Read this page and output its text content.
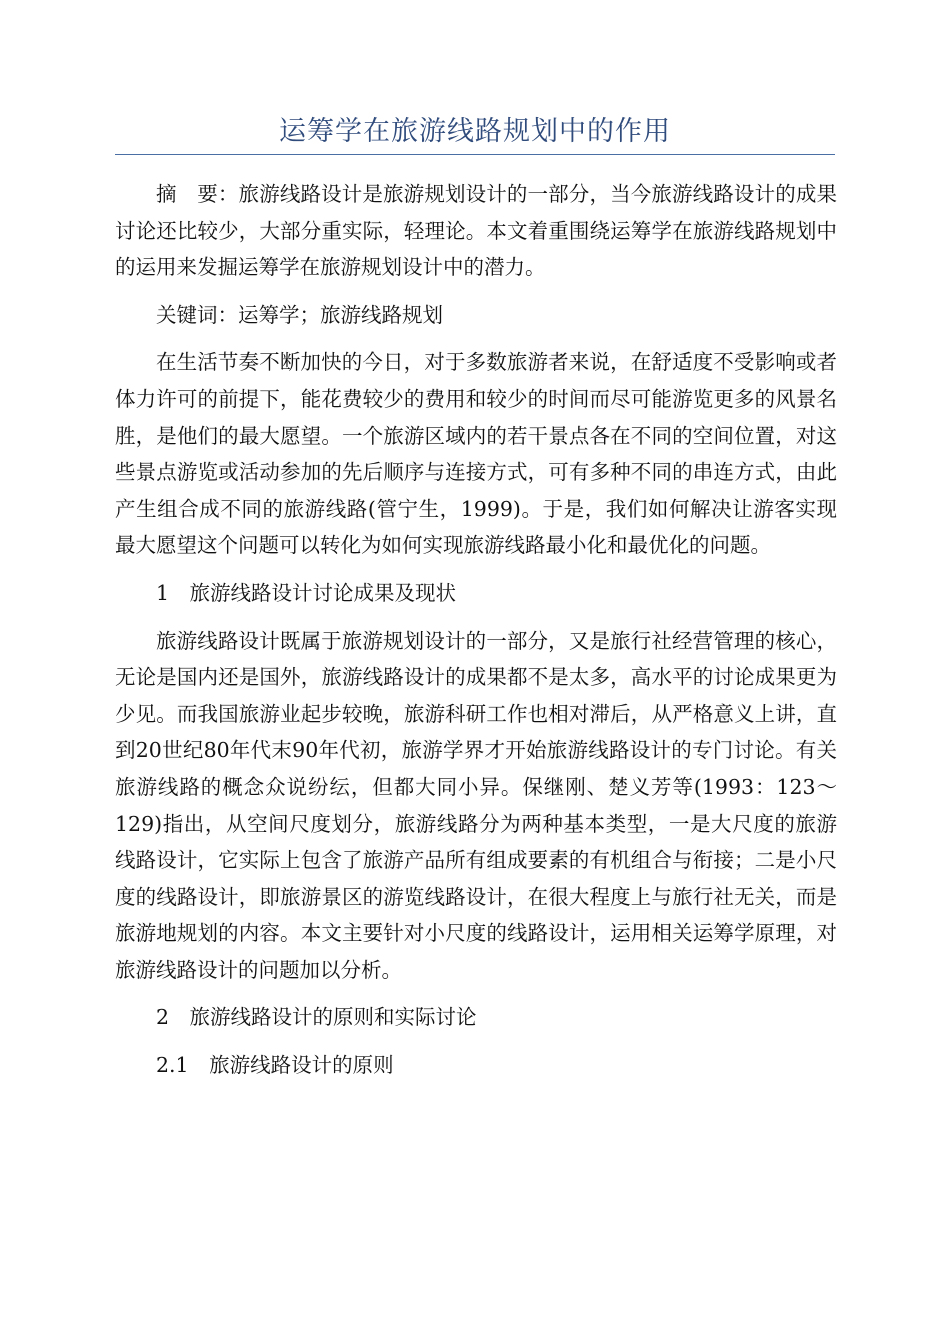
运筹学在旅游线路规划中的作用

摘　要：旅游线路设计是旅游规划设计的一部分，当今旅游线路设计的成果讨论还比较少，大部分重实际，轻理论。本文着重围绕运筹学在旅游线路规划中的运用来发掘运筹学在旅游规划设计中的潜力。

关键词：运筹学；旅游线路规划

在生活节奏不断加快的今日，对于多数旅游者来说，在舒适度不受影响或者体力许可的前提下，能花费较少的费用和较少的时间而尽可能游览更多的风景名胜，是他们的最大愿望。一个旅游区域内的若干景点各在不同的空间位置，对这些景点游览或活动参加的先后顺序与连接方式，可有多种不同的串连方式，由此产生组合成不同的旅游线路(管宁生，1999)。于是，我们如何解决让游客实现最大愿望这个问题可以转化为如何实现旅游线路最小化和最优化的问题。

1　旅游线路设计讨论成果及现状

旅游线路设计既属于旅游规划设计的一部分，又是旅行社经营管理的核心，无论是国内还是国外，旅游线路设计的成果都不是太多，高水平的讨论成果更为少见。而我国旅游业起步较晚，旅游科研工作也相对滞后，从严格意义上讲，直到20世纪80年代末90年代初，旅游学界才开始旅游线路设计的专门讨论。有关旅游线路的概念众说纷纭，但都大同小异。保继刚、楚义芳等(1993：123～129)指出，从空间尺度划分，旅游线路分为两种基本类型，一是大尺度的旅游线路设计，它实际上包含了旅游产品所有组成要素的有机组合与衔接；二是小尺度的线路设计，即旅游景区的游览线路设计，在很大程度上与旅行社无关，而是旅游地规划的内容。本文主要针对小尺度的线路设计，运用相关运筹学原理，对旅游线路设计的问题加以分析。

2　旅游线路设计的原则和实际讨论

2.1　旅游线路设计的原则
